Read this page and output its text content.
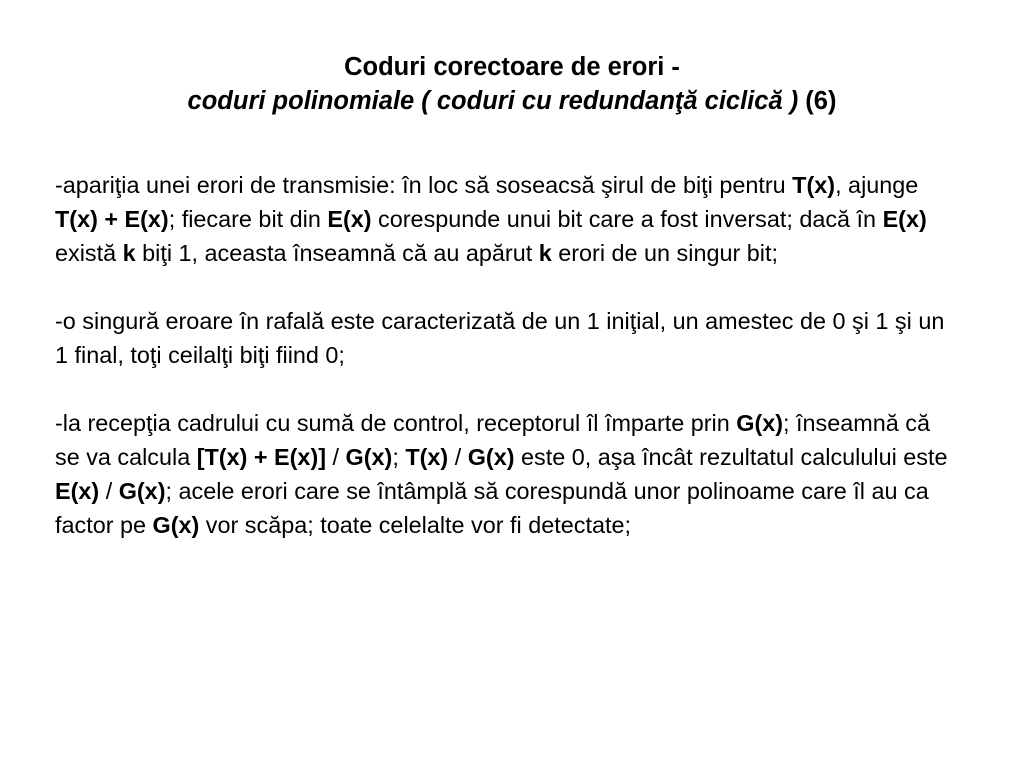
Coduri corectoare de erori -
coduri polinomiale ( coduri cu redundanţă ciclică ) (6)

-apariţia unei erori de transmisie: în loc să soseacsă şirul de biţi pentru T(x), ajunge T(x) + E(x); fiecare bit din E(x) corespunde unui bit care a fost inversat; dacă în E(x) există k biţi 1, aceasta înseamnă că au apărut k erori de un singur bit;

-o singură eroare în rafală este caracterizată de un 1 iniţial, un amestec de 0 şi 1 şi un 1 final, toţi ceilalţi biţi fiind 0;

-la recepţia cadrului cu sumă de control, receptorul îl împarte prin G(x); înseamnă că se va calcula [T(x) + E(x)] / G(x); T(x) / G(x) este 0, aşa încât rezultatul calculului este E(x) / G(x); acele erori care se întâmplă să corespundă unor polinoame care îl au ca factor pe G(x) vor scăpa; toate celelalte vor fi detectate;
